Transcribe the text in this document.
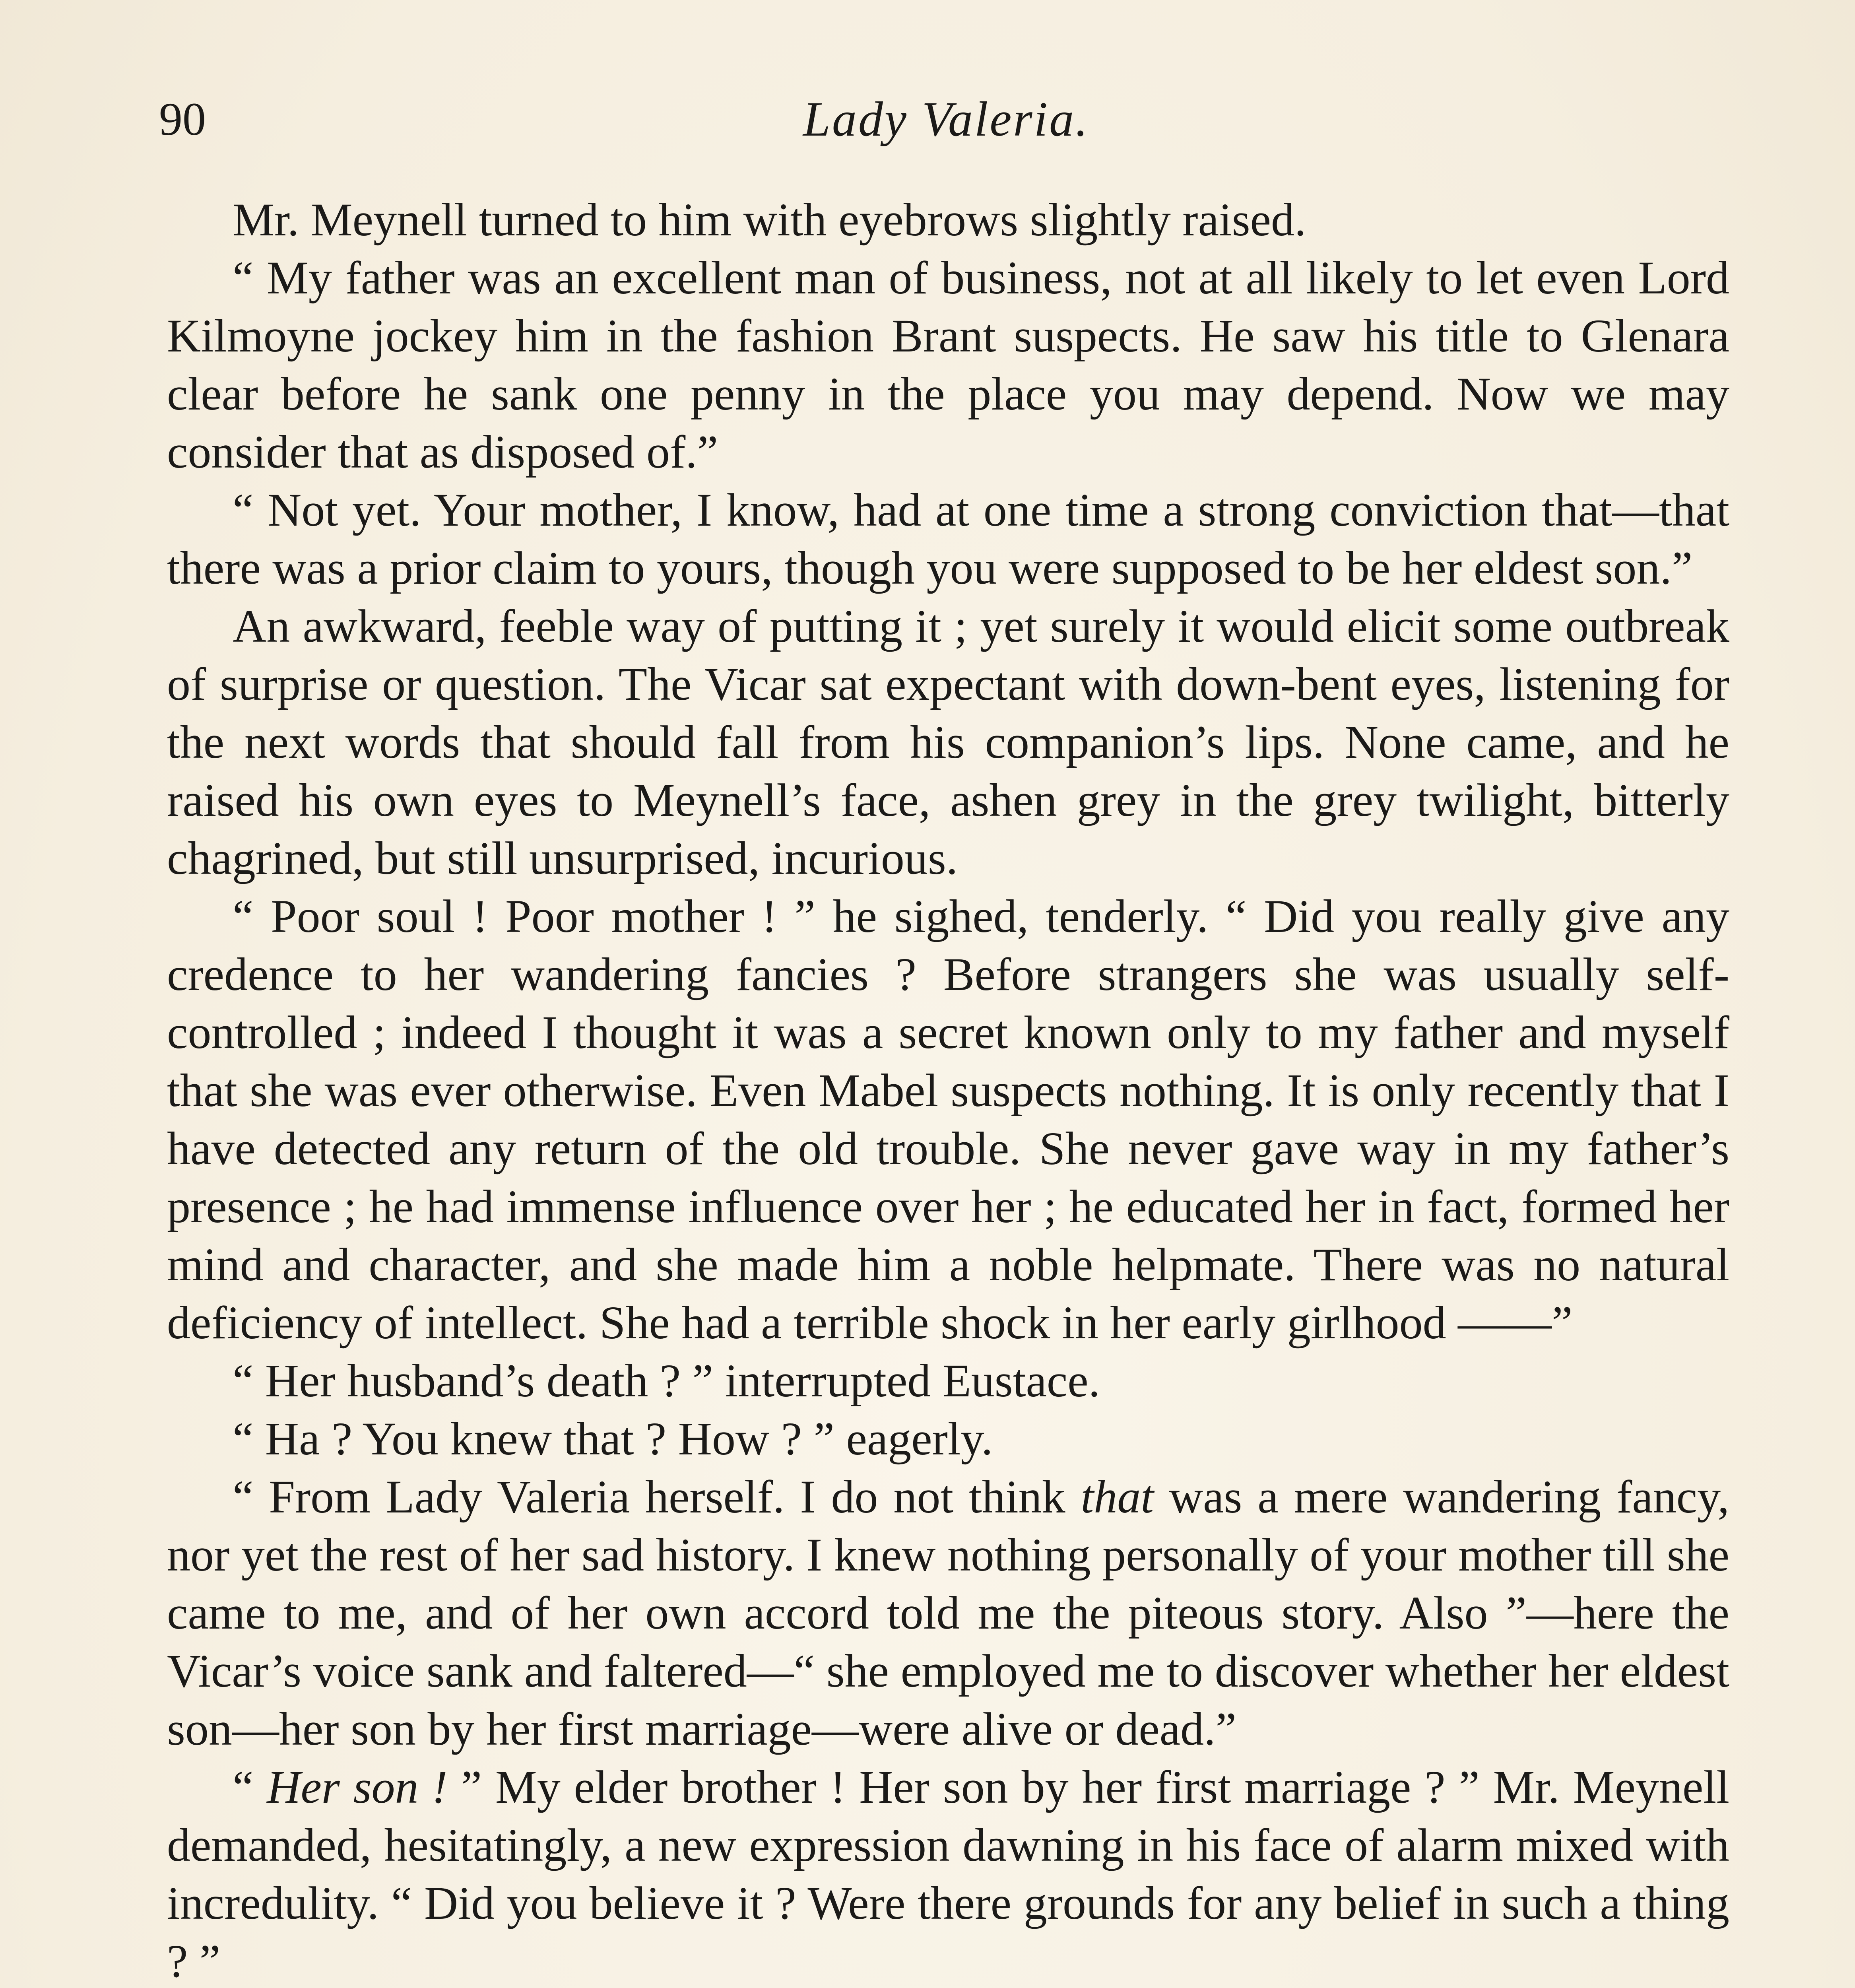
90	Lady Valeria.

Mr. Meynell turned to him with eyebrows slightly raised.

“ My father was an excellent man of business, not at all likely to let even Lord Kilmoyne jockey him in the fashion Brant suspects. He saw his title to Glenara clear before he sank one penny in the place you may depend. Now we may consider that as disposed of.”

“ Not yet. Your mother, I know, had at one time a strong conviction that—that there was a prior claim to yours, though you were supposed to be her eldest son.”

An awkward, feeble way of putting it ; yet surely it would elicit some outbreak of surprise or question. The Vicar sat expectant with down-bent eyes, listening for the next words that should fall from his companion’s lips. None came, and he raised his own eyes to Meynell’s face, ashen grey in the grey twilight, bitterly chagrined, but still unsurprised, incurious.

“ Poor soul ! Poor mother ! ” he sighed, tenderly. “ Did you really give any credence to her wandering fancies ? Before strangers she was usually self-controlled ; indeed I thought it was a secret known only to my father and myself that she was ever otherwise. Even Mabel suspects nothing. It is only recently that I have detected any return of the old trouble. She never gave way in my father’s presence ; he had immense influence over her ; he educated her in fact, formed her mind and character, and she made him a noble helpmate. There was no natural deficiency of intellect. She had a terrible shock in her early girlhood ——”

“ Her husband’s death ? ” interrupted Eustace.

“ Ha ? You knew that ? How ? ” eagerly.

“ From Lady Valeria herself. I do not think that was a mere wandering fancy, nor yet the rest of her sad history. I knew nothing personally of your mother till she came to me, and of her own accord told me the piteous story. Also ”—here the Vicar’s voice sank and faltered—“ she employed me to discover whether her eldest son—her son by her first marriage—were alive or dead.”

“ Her son ! ” My elder brother ! Her son by her first marriage ? ” Mr. Meynell demanded, hesitatingly, a new expression dawning in his face of alarm mixed with incredulity. “ Did you believe it ? Were there grounds for any belief in such a thing ? ”
